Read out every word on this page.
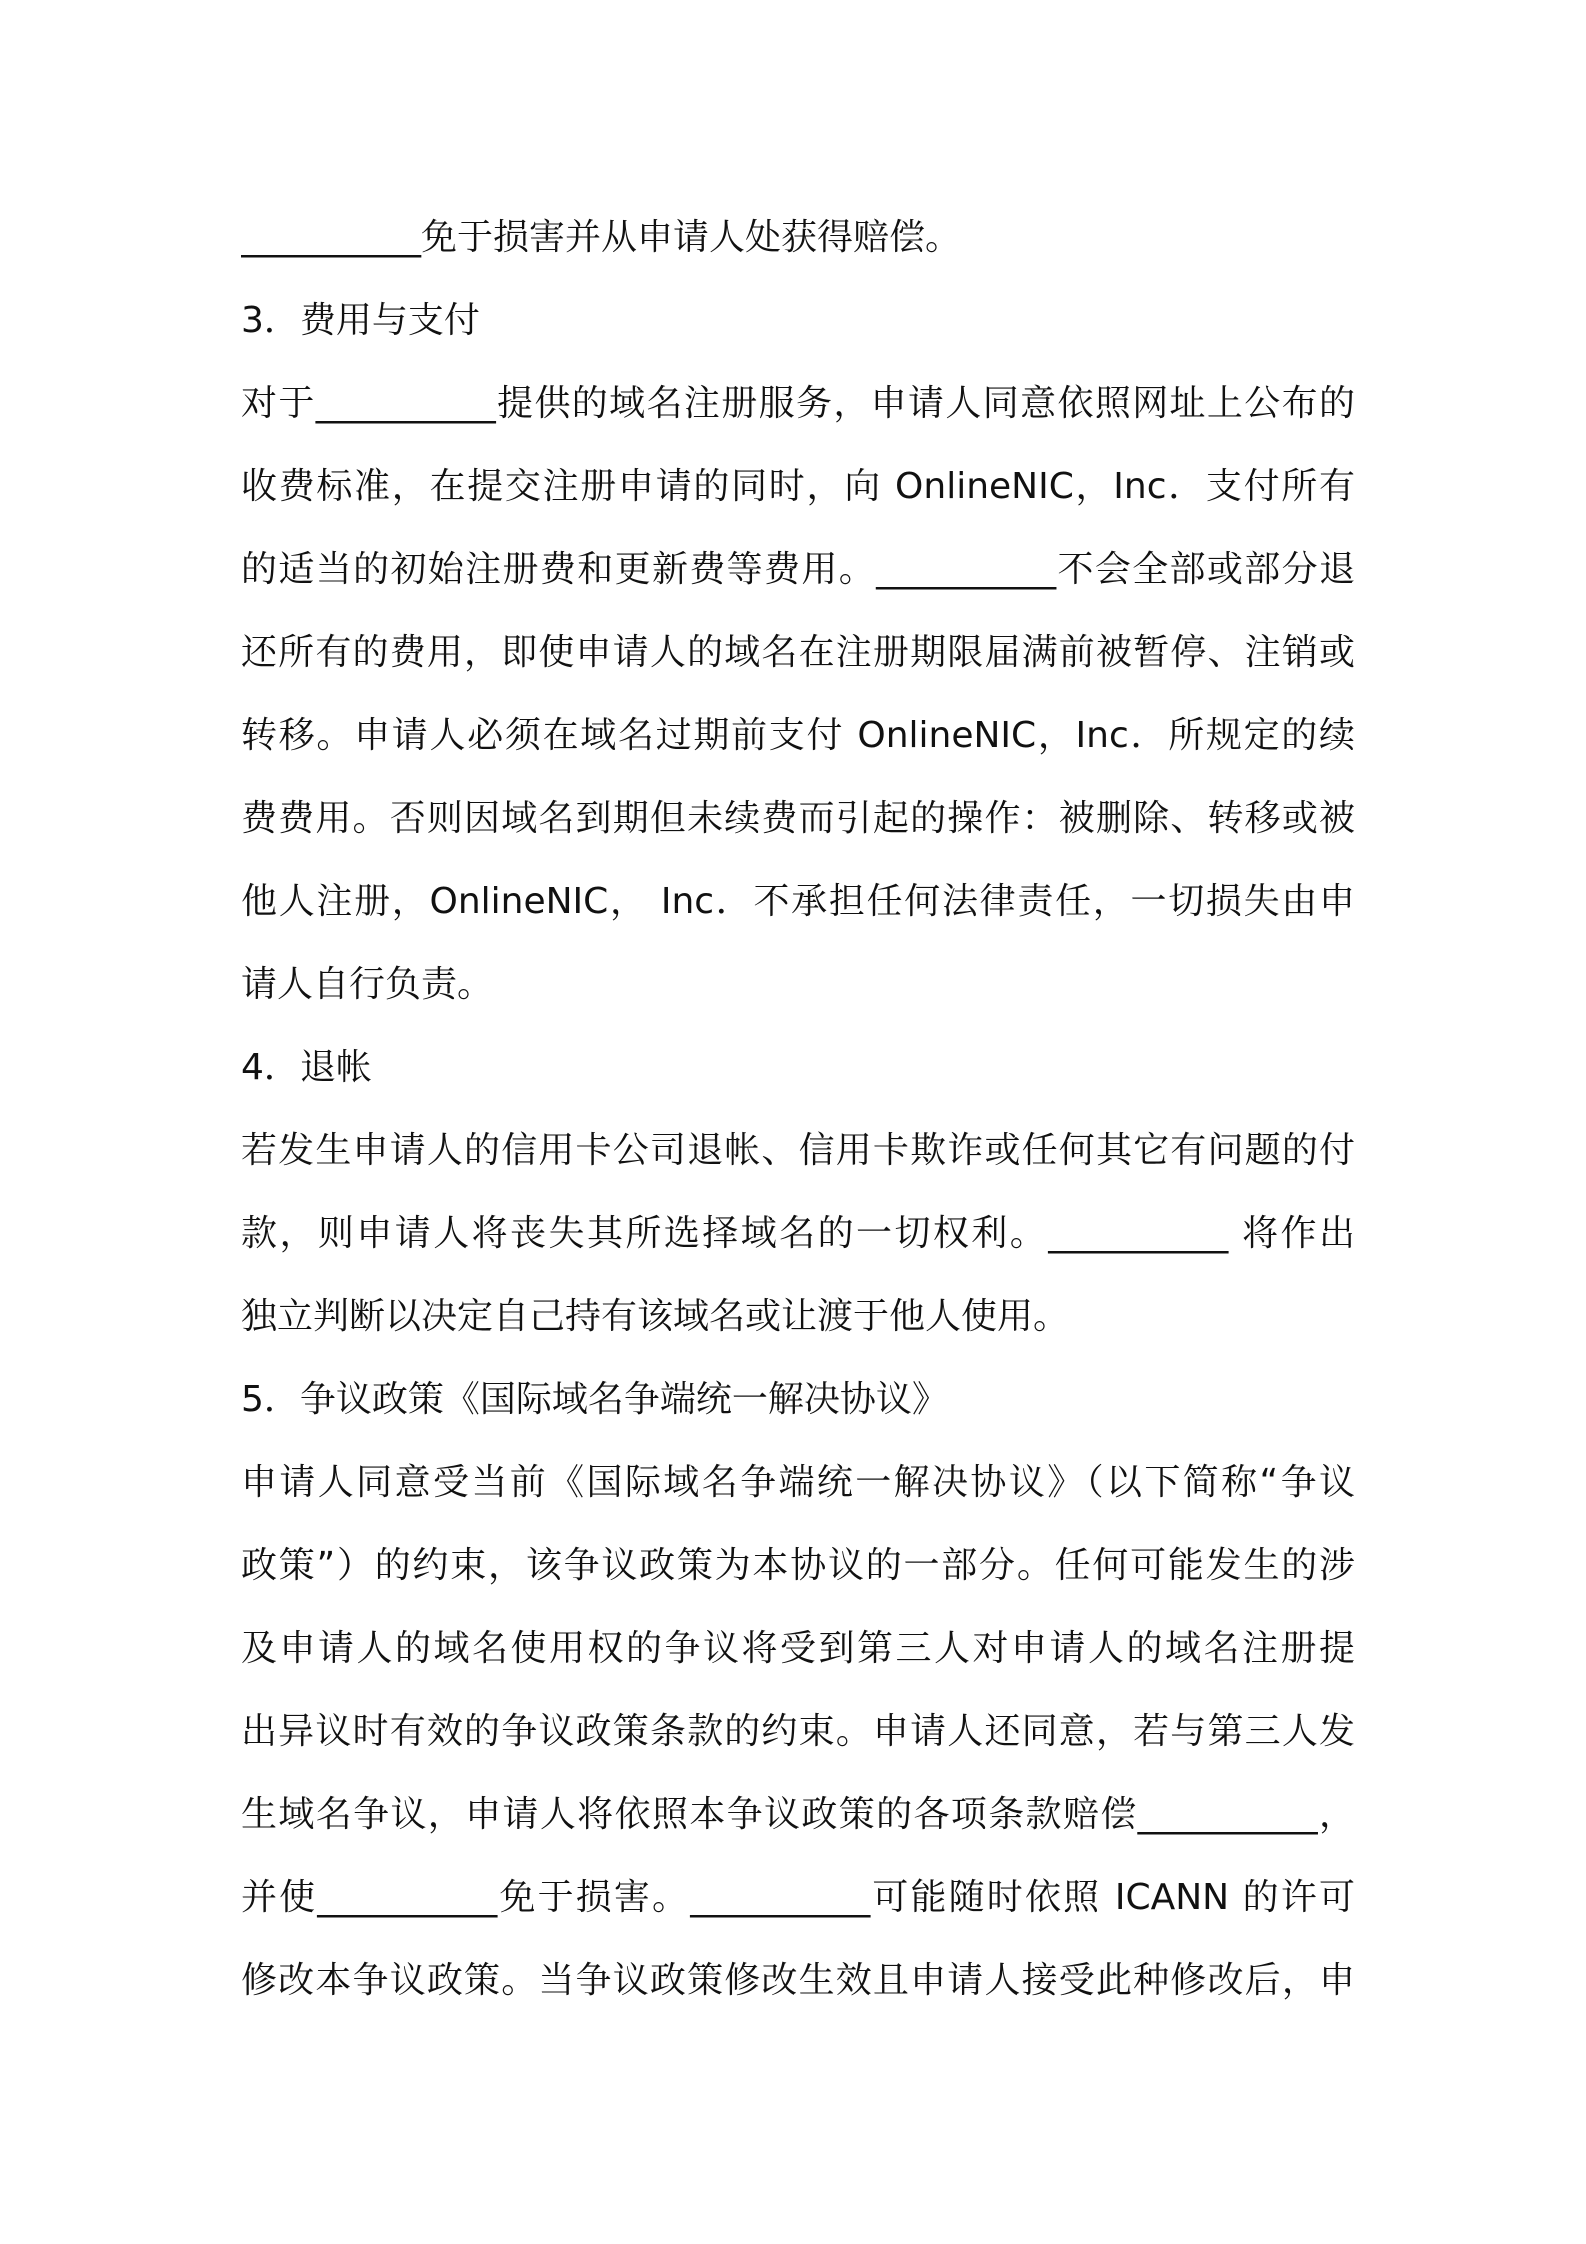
__________免于损害并从申请人处获得赔偿。
3．费用与支付
对于__________提供的域名注册服务，申请人同意依照网址上公布的
收费标准，在提交注册申请的同时，向 OnlineNIC，Inc．支付所有
的适当的初始注册费和更新费等费用。__________不会全部或部分退
还所有的费用，即使申请人的域名在注册期限届满前被暂停、注销或
转移。申请人必须在域名过期前支付 OnlineNIC，Inc．所规定的续
费费用。否则因域名到期但未续费而引起的操作：被删除、转移或被
他人注册，OnlineNIC， Inc．不承担任何法律责任，一切损失由申
请人自行负责。
4．退帐
若发生申请人的信用卡公司退帐、信用卡欺诈或任何其它有问题的付
款，则申请人将丧失其所选择域名的一切权利。__________ 将作出
独立判断以决定自己持有该域名或让渡于他人使用。
5．争议政策《国际域名争端统一解决协议》
申请人同意受当前《国际域名争端统一解决协议》（以下简称“争议
政策”）的约束，该争议政策为本协议的一部分。任何可能发生的涉
及申请人的域名使用权的争议将受到第三人对申请人的域名注册提
出异议时有效的争议政策条款的约束。申请人还同意，若与第三人发
生域名争议，申请人将依照本争议政策的各项条款赔偿__________，
并使__________免于损害。__________可能随时依照 ICANN 的许可
修改本争议政策。当争议政策修改生效且申请人接受此种修改后，申
